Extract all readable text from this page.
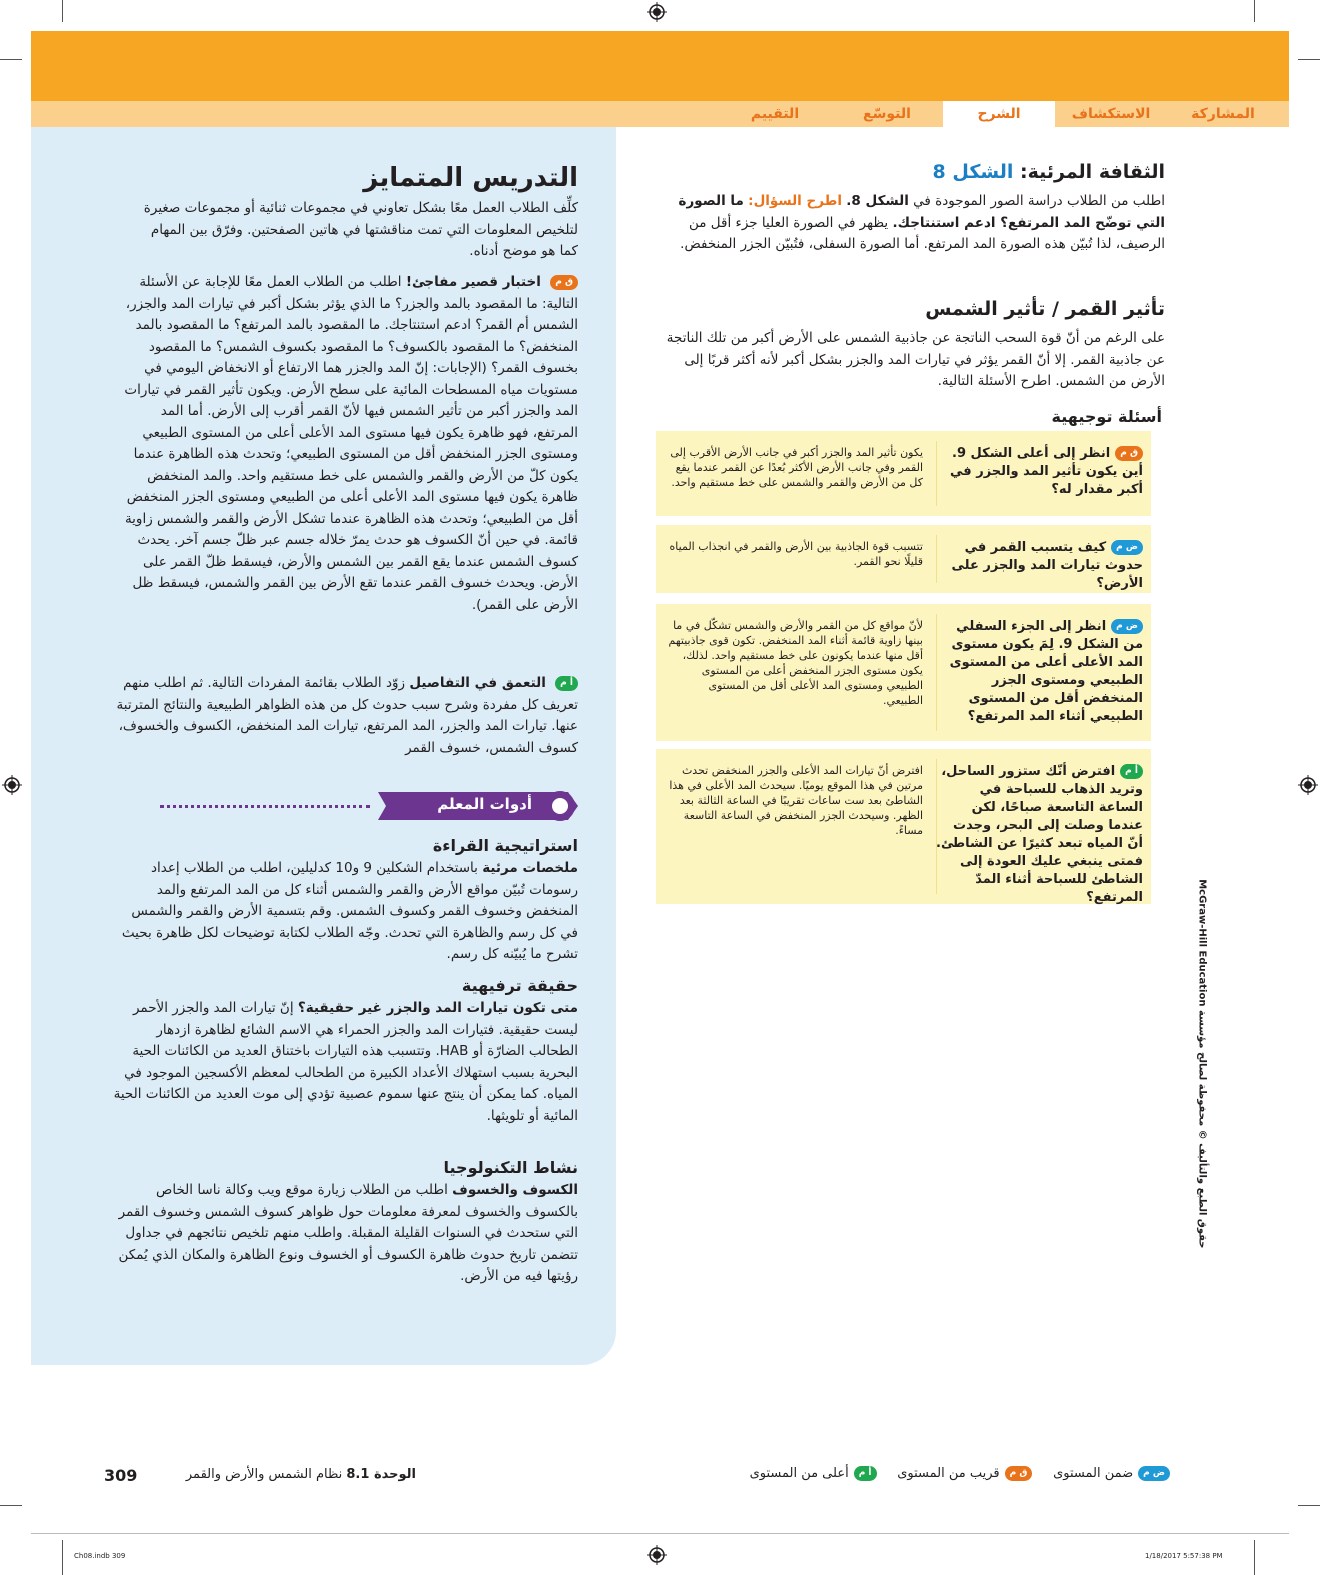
المشاركة
الاستكشاف
الشرح
التوسّع
التقييم
التدريس المتمايز
كلِّف الطلاب العمل معًا بشكل تعاوني في مجموعات ثنائية أو مجموعات صغيرة لتلخيص المعلومات التي تمت مناقشتها في هاتين الصفحتين. وفرّق بين المهام كما هو موضح أدناه.
ق م اختبار قصير مفاجئ! اطلب من الطلاب العمل معًا للإجابة عن الأسئلة التالية: ما المقصود بالمد والجزر؟ ما الذي يؤثر بشكل أكبر في تيارات المد والجزر، الشمس أم القمر؟ ادعم استنتاجك. ما المقصود بالمد المرتفع؟ ما المقصود بالمد المنخفض؟ ما المقصود بالكسوف؟ ما المقصود بكسوف الشمس؟ ما المقصود بخسوف القمر؟ (الإجابات: إنّ المد والجزر هما الارتفاع أو الانخفاض اليومي في مستويات مياه المسطحات المائية على سطح الأرض. ويكون تأثير القمر في تيارات المد والجزر أكبر من تأثير الشمس فيها لأنّ القمر أقرب إلى الأرض. أما المد المرتفع، فهو ظاهرة يكون فيها مستوى المد الأعلى أعلى من المستوى الطبيعي ومستوى الجزر المنخفض أقل من المستوى الطبيعي؛ وتحدث هذه الظاهرة عندما يكون كلّ من الأرض والقمر والشمس على خط مستقيم واحد. والمد المنخفض ظاهرة يكون فيها مستوى المد الأعلى أعلى من الطبيعي ومستوى الجزر المنخفض أقل من الطبيعي؛ وتحدث هذه الظاهرة عندما تشكل الأرض والقمر والشمس زاوية قائمة. في حين أنّ الكسوف هو حدث يمرّ خلاله جسم عبر ظلّ جسم آخر. يحدث كسوف الشمس عندما يقع القمر بين الشمس والأرض، فيسقط ظلّ القمر على الأرض. ويحدث خسوف القمر عندما تقع الأرض بين القمر والشمس، فيسقط ظل الأرض على القمر).
أ م التعمق في التفاصيل زوّد الطلاب بقائمة المفردات التالية. ثم اطلب منهم تعريف كل مفردة وشرح سبب حدوث كل من هذه الظواهر الطبيعية والنتائج المترتبة عنها. تيارات المد والجزر، المد المرتفع، تيارات المد المنخفض، الكسوف والخسوف، كسوف الشمس، خسوف القمر
أدوات المعلم
استراتيجية القراءة
ملخصات مرئية باستخدام الشكلين 9 و10 كدليلين، اطلب من الطلاب إعداد رسومات تُبيّن مواقع الأرض والقمر والشمس أثناء كل من المد المرتفع والمد المنخفض وخسوف القمر وكسوف الشمس. وقم بتسمية الأرض والقمر والشمس في كل رسم والظاهرة التي تحدث. وجّه الطلاب لكتابة توضيحات لكل ظاهرة بحيث تشرح ما يُبيّنه كل رسم.
حقيقة ترفيهية
متى تكون تيارات المد والجزر غير حقيقية؟ إنّ تيارات المد والجزر الأحمر ليست حقيقية. فتيارات المد والجزر الحمراء هي الاسم الشائع لظاهرة ازدهار الطحالب الضارّة أو HAB. وتتسبب هذه التيارات باختناق العديد من الكائنات الحية البحرية بسبب استهلاك الأعداد الكبيرة من الطحالب لمعظم الأكسجين الموجود في المياه. كما يمكن أن ينتج عنها سموم عصبية تؤدي إلى موت العديد من الكائنات الحية المائية أو تلويثها.
نشاط التكنولوجيا
الكسوف والخسوف اطلب من الطلاب زيارة موقع ويب وكالة ناسا الخاص بالكسوف والخسوف لمعرفة معلومات حول ظواهر كسوف الشمس وخسوف القمر التي ستحدث في السنوات القليلة المقبلة. واطلب منهم تلخيص نتائجهم في جداول تتضمن تاريخ حدوث ظاهرة الكسوف أو الخسوف ونوع الظاهرة والمكان الذي يُمكن رؤيتها فيه من الأرض.
الثقافة المرئية: الشكل 8
اطلب من الطلاب دراسة الصور الموجودة في الشكل 8. اطرح السؤال: ما الصورة التي توضّح المد المرتفع؟ ادعم استنتاجك. يظهر في الصورة العليا جزء أقل من الرصيف، لذا تُبيّن هذه الصورة المد المرتفع. أما الصورة السفلى، فتُبيّن الجزر المنخفض.
تأثير القمر / تأثير الشمس
على الرغم من أنّ قوة السحب الناتجة عن جاذبية الشمس على الأرض أكبر من تلك الناتجة عن جاذبية القمر. إلا أنّ القمر يؤثر في تيارات المد والجزر بشكل أكبر لأنه أكثر قربًا إلى الأرض من الشمس. اطرح الأسئلة التالية.
أسئلة توجيهية
ق مانظر إلى أعلى الشكل 9. أين يكون تأثير المد والجزر في أكبر مقدار له؟
يكون تأثير المد والجزر أكبر في جانب الأرض الأقرب إلى القمر وفي جانب الأرض الأكثر بُعدًا عن القمر عندما يقع كل من الأرض والقمر والشمس على خط مستقيم واحد.
ض مكيف يتسبب القمر في حدوث تيارات المد والجزر على الأرض؟
تتسبب قوة الجاذبية بين الأرض والقمر في انجذاب المياه قليلًا نحو القمر.
ض مانظر إلى الجزء السفلي من الشكل 9. لِمَ يكون مستوى المد الأعلى أعلى من المستوى الطبيعي ومستوى الجزر المنخفض أقل من المستوى الطبيعي أثناء المد المرتفع؟
لأنّ مواقع كل من القمر والأرض والشمس تشكّل في ما بينها زاوية قائمة أثناء المد المنخفض. تكون قوى جاذبيتهم أقل منها عندما يكونون على خط مستقيم واحد. لذلك، يكون مستوى الجزر المنخفض أعلى من المستوى الطبيعي ومستوى المد الأعلى أقل من المستوى الطبيعي.
أ مافترض أنّك ستزور الساحل، وتريد الذهاب للسباحة في الساعة التاسعة صباحًا، لكن عندما وصلت إلى البحر، وجدت أنّ المياه تبعد كثيرًا عن الشاطئ. فمتى ينبغي عليك العودة إلى الشاطئ للسباحة أثناء المدّ المرتفع؟
افترض أنّ تيارات المد الأعلى والجزر المنخفض تحدث مرتين في هذا الموقع يوميًا. سيحدث المد الأعلى في هذا الشاطئ بعد ست ساعات تقريبًا في الساعة الثالثة بعد الظهر. وسيحدث الجزر المنخفض في الساعة التاسعة مساءً.
حقوق الطبع والتأليف © محفوظة لصالح مؤسسة McGraw-Hill Education
309	الوحدة 8.1 نظام الشمس والأرض والقمر	ض مضمن المستوى     ق مقريب من المستوى     أ مأعلى من المستوى
Ch08.indb 309	1/18/2017 5:57:38 PM
